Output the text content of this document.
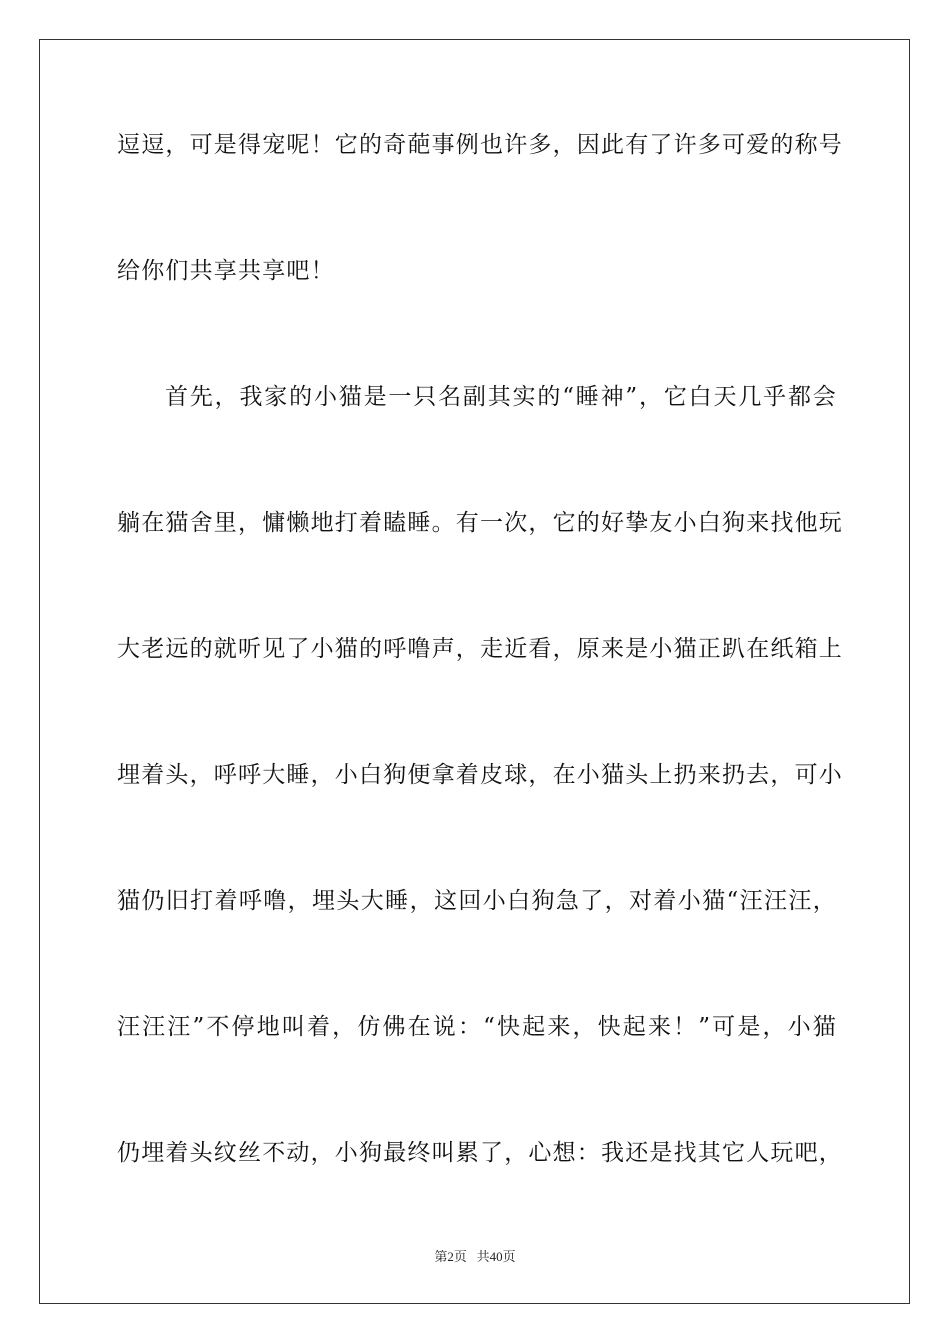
逗逗，可是得宠呢！它的奇葩事例也许多，因此有了许多可爱的称号
给你们共享共享吧！
首先，我家的小猫是一只名副其实的“睡神”，它白天几乎都会
躺在猫舍里，慵懒地打着瞌睡。有一次，它的好挚友小白狗来找他玩
大老远的就听见了小猫的呼噜声，走近看，原来是小猫正趴在纸箱上
埋着头，呼呼大睡，小白狗便拿着皮球，在小猫头上扔来扔去，可小
猫仍旧打着呼噜，埋头大睡，这回小白狗急了，对着小猫“汪汪汪，
汪汪汪”不停地叫着，仿佛在说：“快起来，快起来！”可是，小猫
仍埋着头纹丝不动，小狗最终叫累了，心想：我还是找其它人玩吧，
第2页 共40页
